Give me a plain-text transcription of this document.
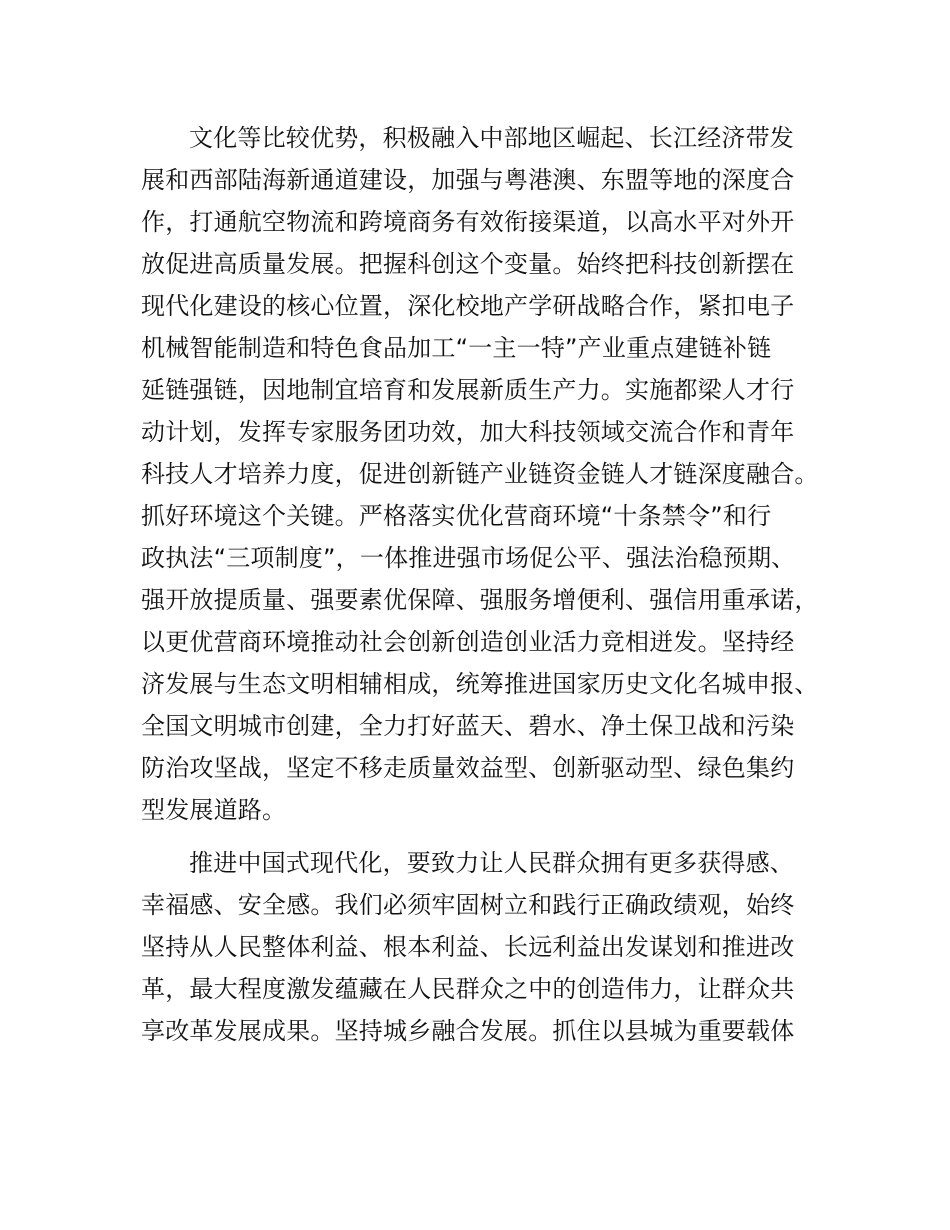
文化等比较优势，积极融入中部地区崛起、长江经济带发
展和西部陆海新通道建设，加强与粤港澳、东盟等地的深度合
作，打通航空物流和跨境商务有效衔接渠道，以高水平对外开
放促进高质量发展。把握科创这个变量。始终把科技创新摆在
现代化建设的核心位置，深化校地产学研战略合作，紧扣电子
机械智能制造和特色食品加工“一主一特”产业重点建链补链
延链强链，因地制宜培育和发展新质生产力。实施都梁人才行
动计划，发挥专家服务团功效，加大科技领域交流合作和青年
科技人才培养力度，促进创新链产业链资金链人才链深度融合。
抓好环境这个关键。严格落实优化营商环境“十条禁令”和行
政执法“三项制度”，一体推进强市场促公平、强法治稳预期、
强开放提质量、强要素优保障、强服务增便利、强信用重承诺，
以更优营商环境推动社会创新创造创业活力竞相迸发。坚持经
济发展与生态文明相辅相成，统筹推进国家历史文化名城申报、
全国文明城市创建，全力打好蓝天、碧水、净土保卫战和污染
防治攻坚战，坚定不移走质量效益型、创新驱动型、绿色集约
型发展道路。
推进中国式现代化，要致力让人民群众拥有更多获得感、
幸福感、安全感。我们必须牢固树立和践行正确政绩观，始终
坚持从人民整体利益、根本利益、长远利益出发谋划和推进改
革，最大程度激发蕴藏在人民群众之中的创造伟力，让群众共
享改革发展成果。坚持城乡融合发展。抓住以县城为重要载体
